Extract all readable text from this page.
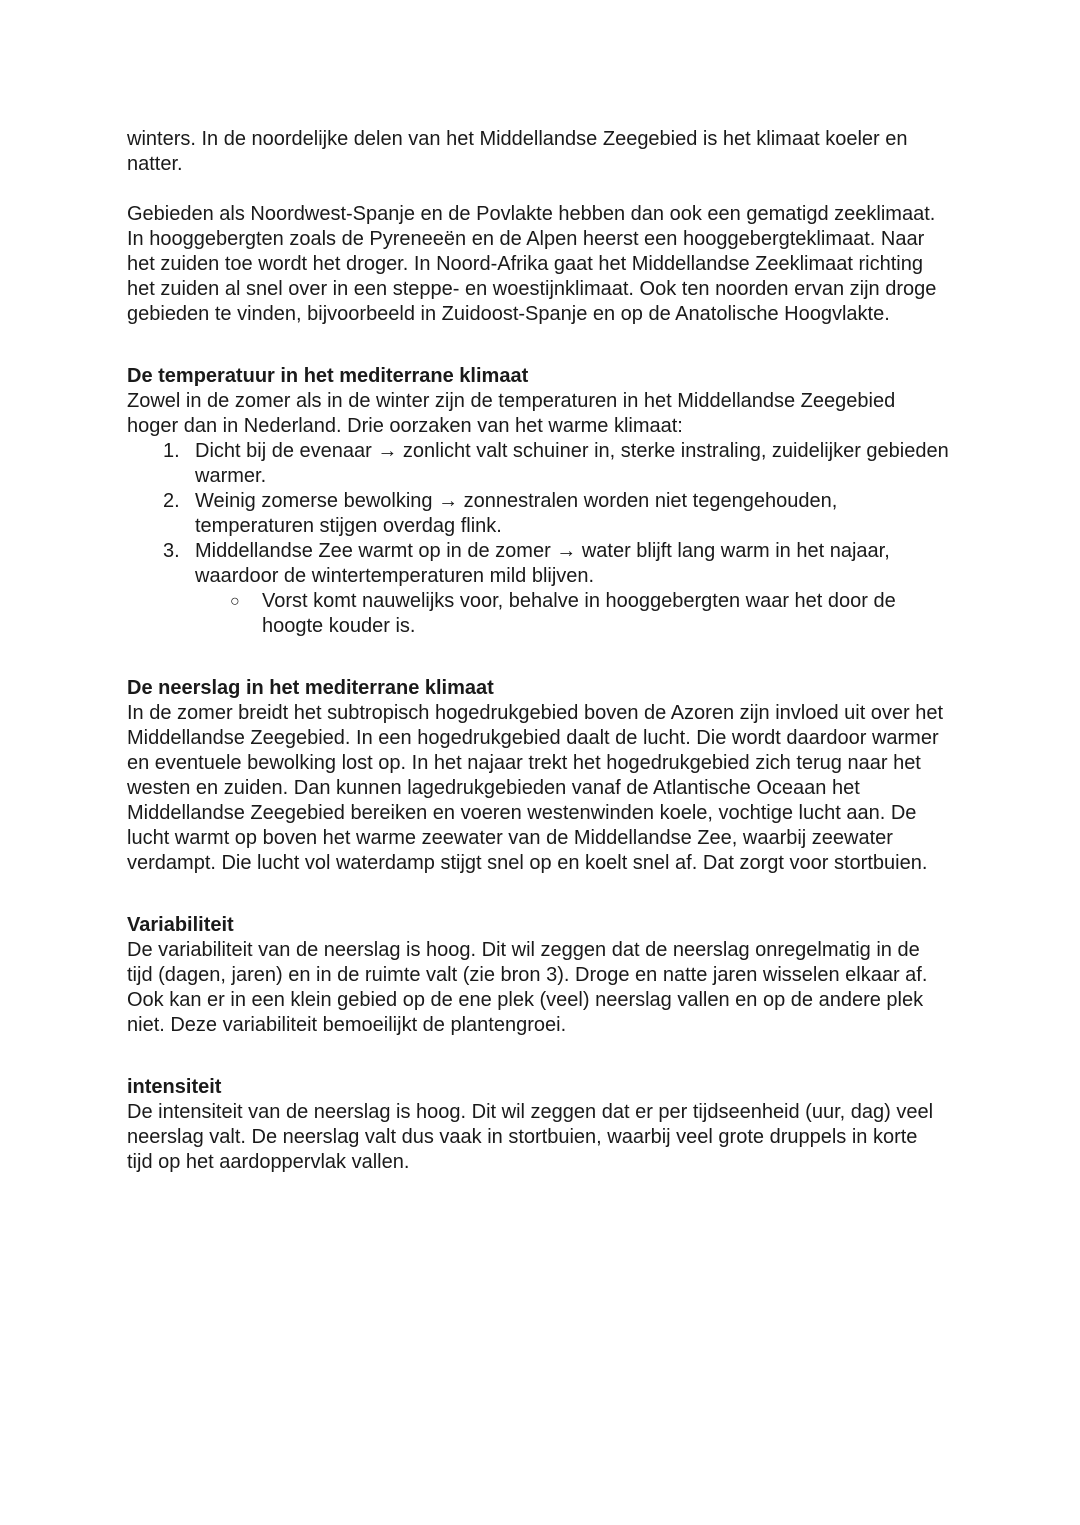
winters. In de noordelijke delen van het Middellandse Zeegebied is het klimaat koeler en
natter.
Gebieden als Noordwest-Spanje en de Povlakte hebben dan ook een gematigd zeeklimaat.
In hooggebergten zoals de Pyreneeën en de Alpen heerst een hooggebergteklimaat. Naar
het zuiden toe wordt het droger. In Noord-Afrika gaat het Middellandse Zeeklimaat richting
het zuiden al snel over in een steppe- en woestijnklimaat. Ook ten noorden ervan zijn droge
gebieden te vinden, bijvoorbeeld in Zuidoost-Spanje en op de Anatolische Hoogvlakte.
De temperatuur in het mediterrane klimaat
Zowel in de zomer als in de winter zijn de temperaturen in het Middellandse Zeegebied
hoger dan in Nederland. Drie oorzaken van het warme klimaat:
1. Dicht bij de evenaar → zonlicht valt schuiner in, sterke instraling, zuidelijker gebieden
warmer.
2. Weinig zomerse bewolking → zonnestralen worden niet tegengehouden,
temperaturen stijgen overdag flink.
3. Middellandse Zee warmt op in de zomer → water blijft lang warm in het najaar,
waardoor de wintertemperaturen mild blijven.
○ Vorst komt nauwelijks voor, behalve in hooggebergten waar het door de
hoogte kouder is.
De neerslag in het mediterrane klimaat
In de zomer breidt het subtropisch hogedrukgebied boven de Azoren zijn invloed uit over het
Middellandse Zeegebied. In een hogedrukgebied daalt de lucht. Die wordt daardoor warmer
en eventuele bewolking lost op. In het najaar trekt het hogedrukgebied zich terug naar het
westen en zuiden. Dan kunnen lagedrukgebieden vanaf de Atlantische Oceaan het
Middellandse Zeegebied bereiken en voeren westenwinden koele, vochtige lucht aan. De
lucht warmt op boven het warme zeewater van de Middellandse Zee, waarbij zeewater
verdampt. Die lucht vol waterdamp stijgt snel op en koelt snel af. Dat zorgt voor stortbuien.
Variabiliteit
De variabiliteit van de neerslag is hoog. Dit wil zeggen dat de neerslag onregelmatig in de
tijd (dagen, jaren) en in de ruimte valt (zie bron 3). Droge en natte jaren wisselen elkaar af.
Ook kan er in een klein gebied op de ene plek (veel) neerslag vallen en op de andere plek
niet. Deze variabiliteit bemoeilijkt de plantengroei.
intensiteit
De intensiteit van de neerslag is hoog. Dit wil zeggen dat er per tijdseenheid (uur, dag) veel
neerslag valt. De neerslag valt dus vaak in stortbuien, waarbij veel grote druppels in korte
tijd op het aardoppervlak vallen.
